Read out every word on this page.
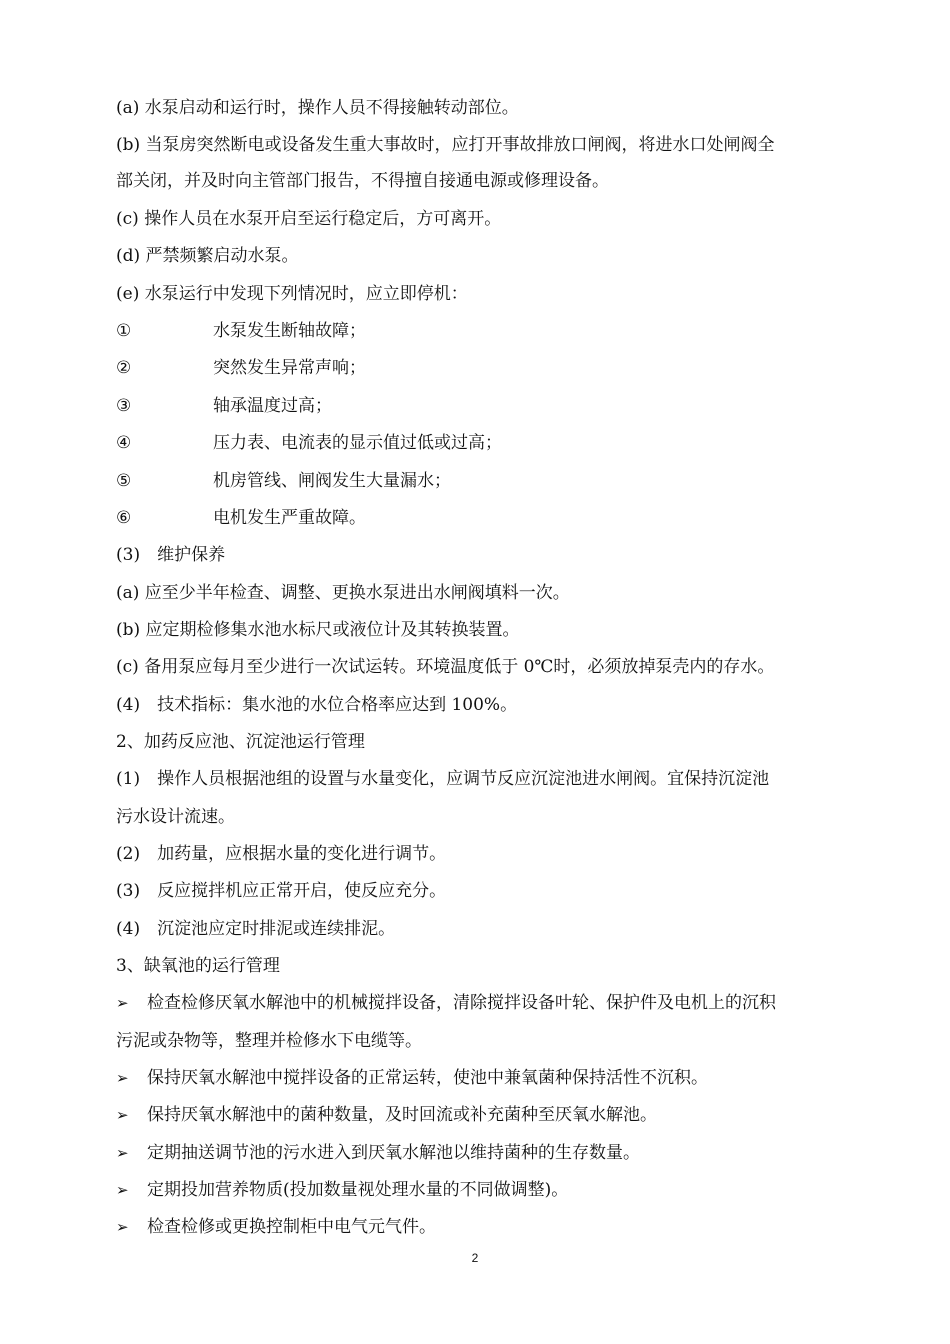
(a) 水泵启动和运行时，操作人员不得接触转动部位。
(b) 当泵房突然断电或设备发生重大事故时，应打开事故排放口闸阀，将进水口处闸阀全
部关闭，并及时向主管部门报告，不得擅自接通电源或修理设备。
(c) 操作人员在水泵开启至运行稳定后，方可离开。
(d) 严禁频繁启动水泵。
(e) 水泵运行中发现下列情况时，应立即停机：
①	水泵发生断轴故障；
②	突然发生异常声响；
③	轴承温度过高；
④	压力表、电流表的显示值过低或过高；
⑤	机房管线、闸阀发生大量漏水；
⑥	电机发生严重故障。
(3)　维护保养
(a) 应至少半年检查、调整、更换水泵进出水闸阀填料一次。
(b) 应定期检修集水池水标尺或液位计及其转换装置。
(c) 备用泵应每月至少进行一次试运转。环境温度低于 0℃时，必须放掉泵壳内的存水。
(4)　技术指标：集水池的水位合格率应达到 100%。
2、加药反应池、沉淀池运行管理
(1)　操作人员根据池组的设置与水量变化，应调节反应沉淀池进水闸阀。宜保持沉淀池
污水设计流速。
(2)　加药量，应根据水量的变化进行调节。
(3)　反应搅拌机应正常开启，使反应充分。
(4)　沉淀池应定时排泥或连续排泥。
3、缺氧池的运行管理
➢ 检查检修厌氧水解池中的机械搅拌设备，清除搅拌设备叶轮、保护件及电机上的沉积
污泥或杂物等，整理并检修水下电缆等。
➢ 保持厌氧水解池中搅拌设备的正常运转，使池中兼氧菌种保持活性不沉积。
➢ 保持厌氧水解池中的菌种数量，及时回流或补充菌种至厌氧水解池。
➢ 定期抽送调节池的污水进入到厌氧水解池以维持菌种的生存数量。
➢ 定期投加营养物质(投加数量视处理水量的不同做调整)。
➢ 检查检修或更换控制柜中电气元气件。
2
